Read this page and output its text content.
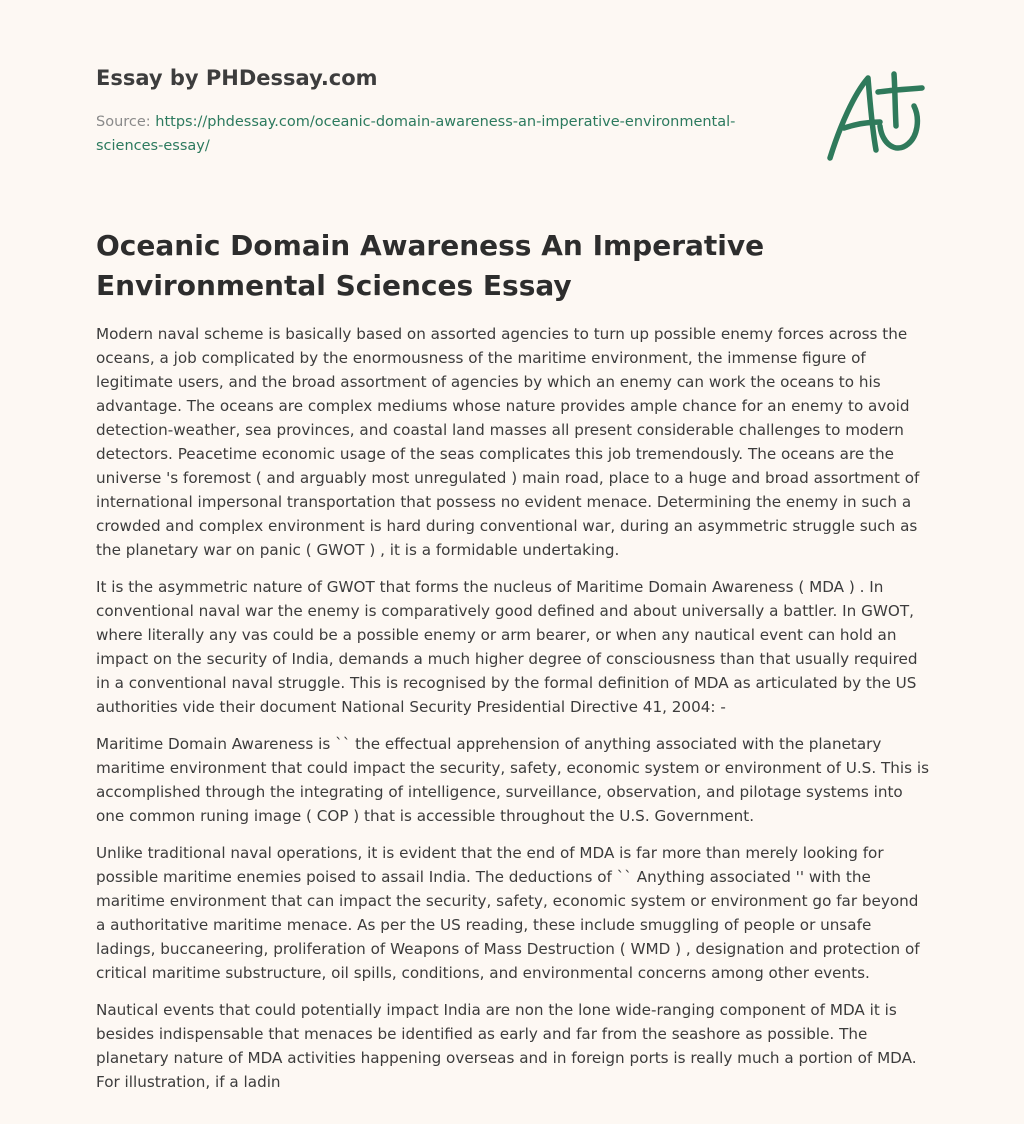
Essay by PHDessay.com
Source: https://phdessay.com/oceanic-domain-awareness-an-imperative-environmental-sciences-essay/
Oceanic Domain Awareness An Imperative Environmental Sciences Essay

Modern naval scheme is basically based on assorted agencies to turn up possible enemy forces across the oceans, a job complicated by the enormousness of the maritime environment, the immense figure of legitimate users, and the broad assortment of agencies by which an enemy can work the oceans to his advantage. The oceans are complex mediums whose nature provides ample chance for an enemy to avoid detection-weather, sea provinces, and coastal land masses all present considerable challenges to modern detectors. Peacetime economic usage of the seas complicates this job tremendously. The oceans are the universe 's foremost ( and arguably most unregulated ) main road, place to a huge and broad assortment of international impersonal transportation that possess no evident menace. Determining the enemy in such a crowded and complex environment is hard during conventional war, during an asymmetric struggle such as the planetary war on panic ( GWOT ) , it is a formidable undertaking.

It is the asymmetric nature of GWOT that forms the nucleus of Maritime Domain Awareness ( MDA ) . In conventional naval war the enemy is comparatively good defined and about universally a battler. In GWOT, where literally any vas could be a possible enemy or arm bearer, or when any nautical event can hold an impact on the security of India, demands a much higher degree of consciousness than that usually required in a conventional naval struggle. This is recognised by the formal definition of MDA as articulated by the US authorities vide their document National Security Presidential Directive 41, 2004: -

Maritime Domain Awareness is `` the effectual apprehension of anything associated with the planetary maritime environment that could impact the security, safety, economic system or environment of U.S. This is accomplished through the integrating of intelligence, surveillance, observation, and pilotage systems into one common runing image ( COP ) that is accessible throughout the U.S. Government.

Unlike traditional naval operations, it is evident that the end of MDA is far more than merely looking for possible maritime enemies poised to assail India. The deductions of `` Anything associated '' with the maritime environment that can impact the security, safety, economic system or environment go far beyond a authoritative maritime menace. As per the US reading, these include smuggling of people or unsafe ladings, buccaneering, proliferation of Weapons of Mass Destruction ( WMD ) , designation and protection of critical maritime substructure, oil spills, conditions, and environmental concerns among other events.

Nautical events that could potentially impact India are non the lone wide-ranging component of MDA it is besides indispensable that menaces be identified as early and far from the seashore as possible. The planetary nature of MDA activities happening overseas and in foreign ports is really much a portion of MDA. For illustration, if a ladin
